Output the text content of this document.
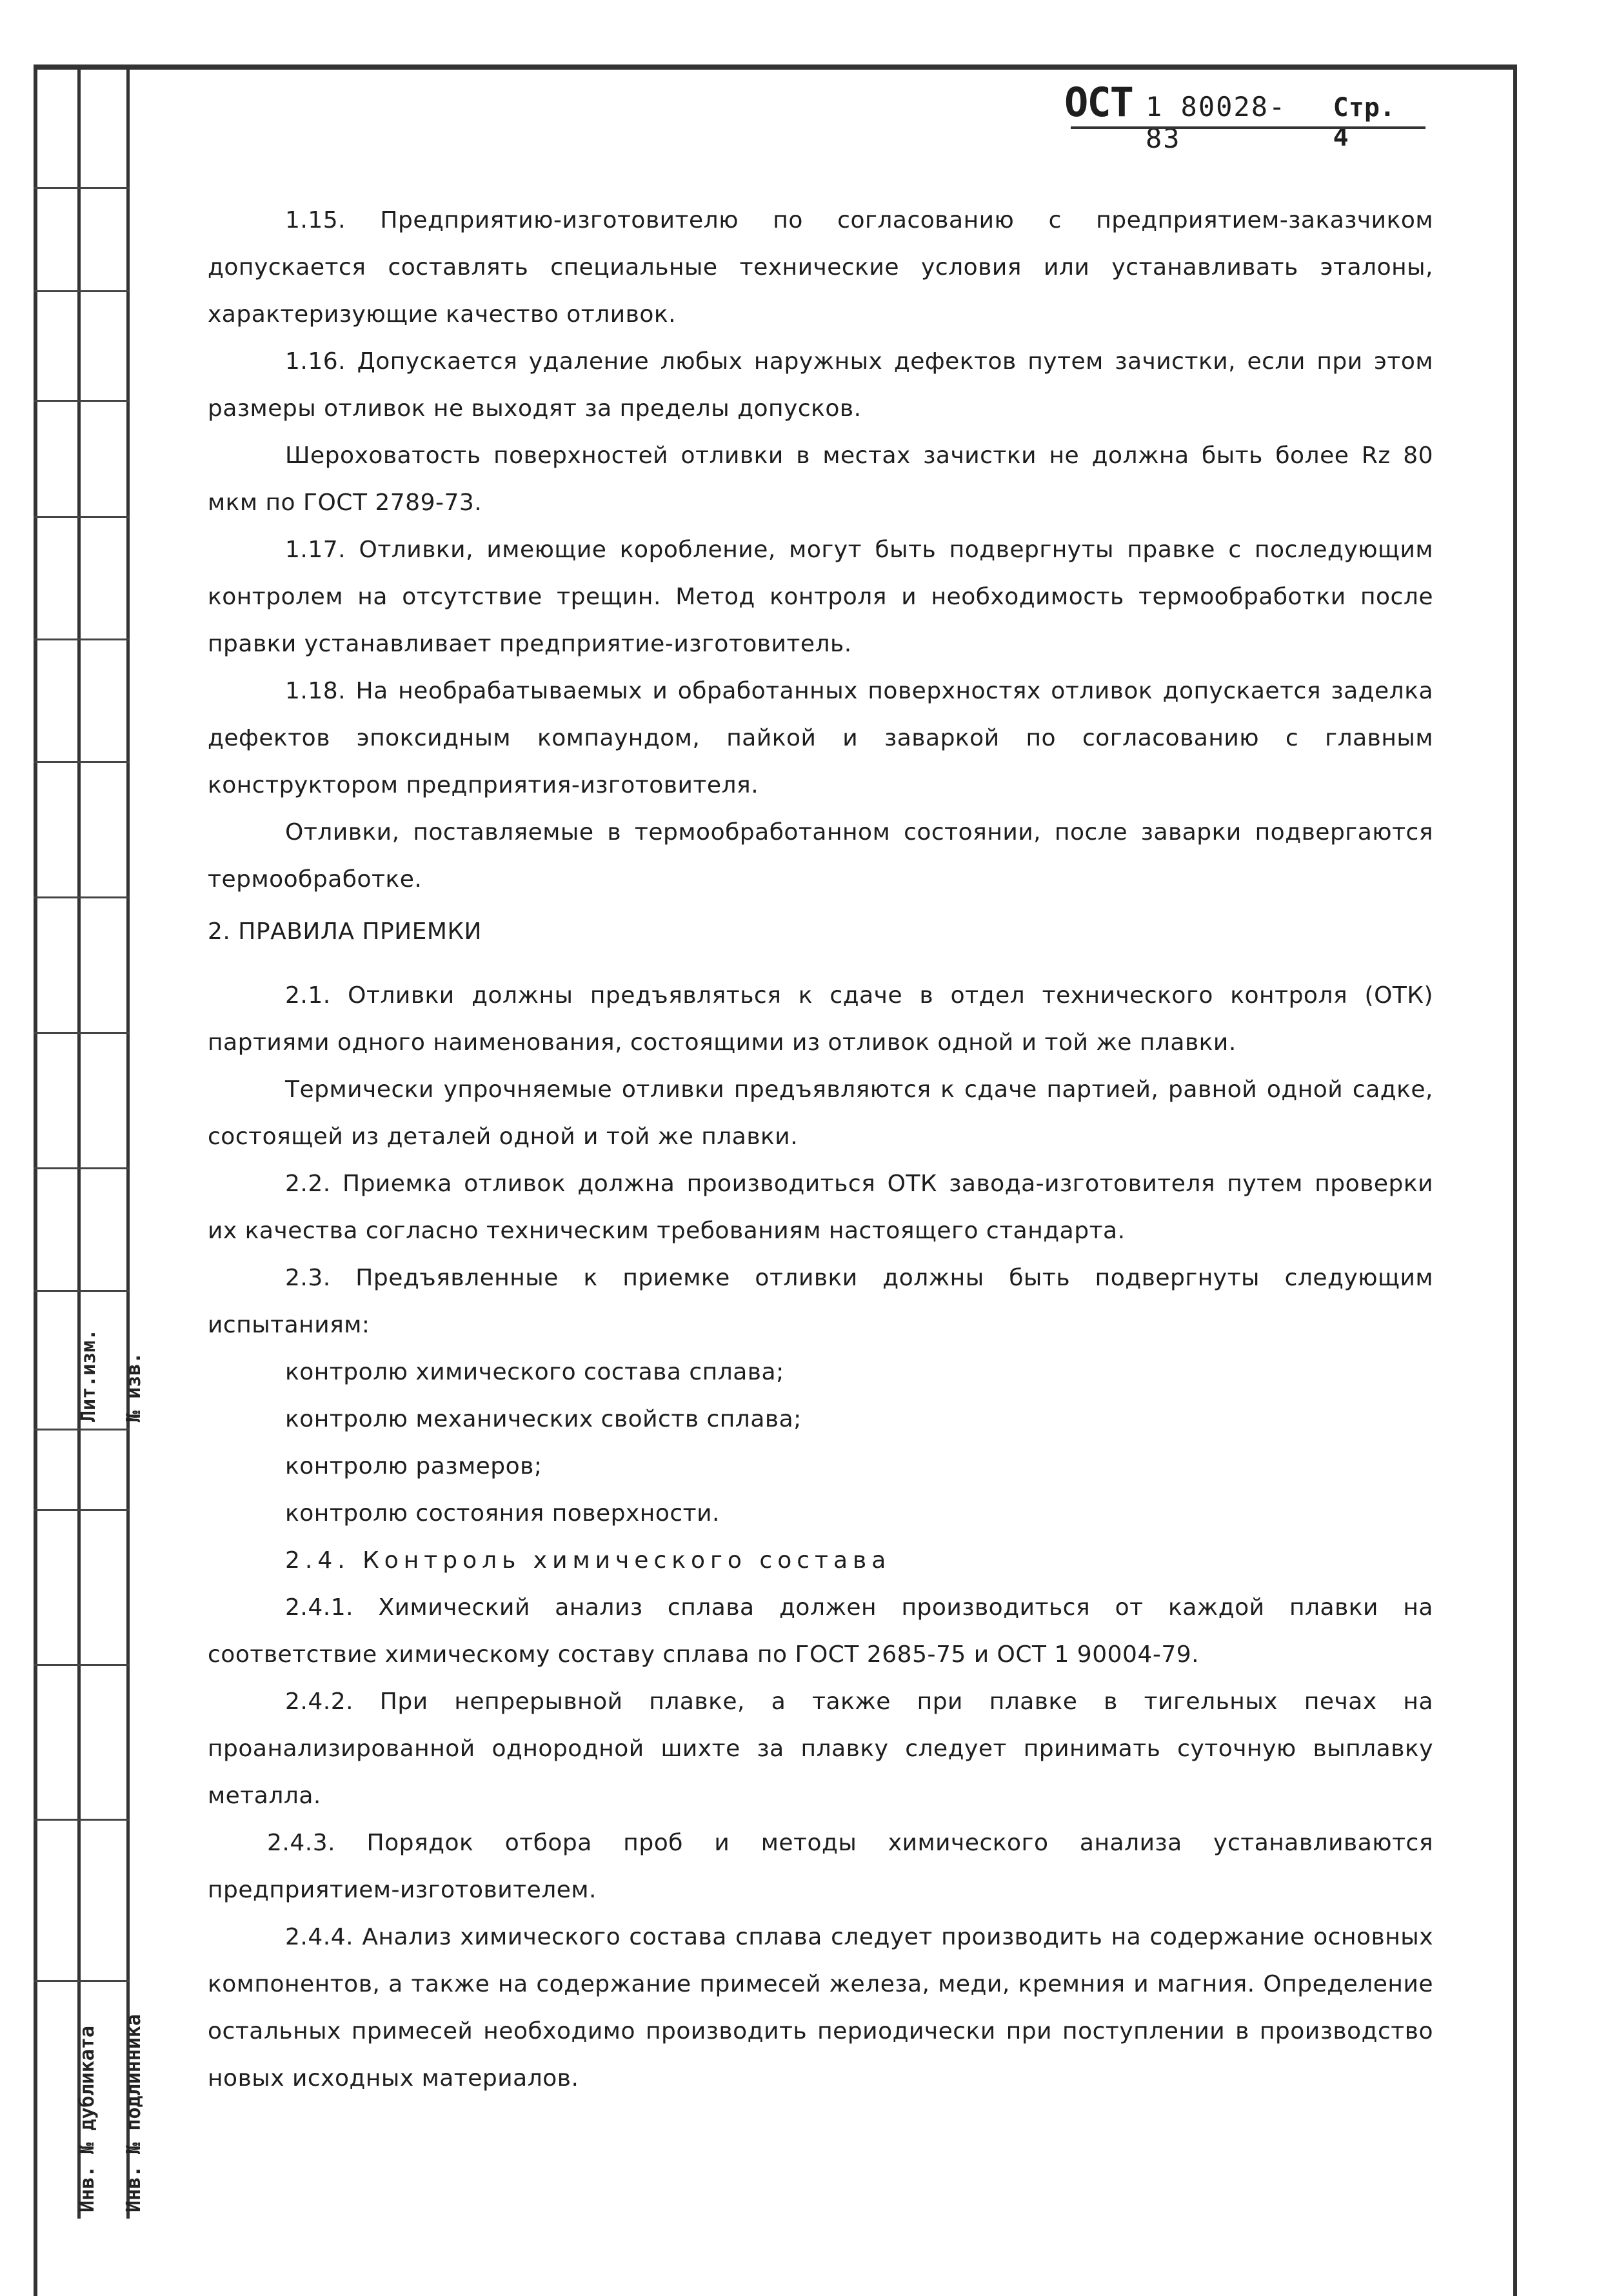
Лит.изм. № изв.
Инв. № дубликата Инв. № подлинника
ОСТ 1 80028-83
Стр. 4

1.15. Предприятию-изготовителю по согласованию с предприятием-заказчиком допускается составлять специальные технические условия или устанавливать эталоны, характеризующие качество отливок.

1.16. Допускается удаление любых наружных дефектов путем зачистки, если при этом размеры отливок не выходят за пределы допусков.

Шероховатость поверхностей отливки в местах зачистки не должна быть более Rz 80 мкм по ГОСТ 2789-73.

1.17. Отливки, имеющие коробление, могут быть подвергнуты правке с последующим контролем на отсутствие трещин. Метод контроля и необходимость термообработки после правки устанавливает предприятие-изготовитель.

1.18. На необрабатываемых и обработанных поверхностях отливок допускается заделка дефектов эпоксидным компаундом, пайкой и заваркой по согласованию с главным конструктором предприятия-изготовителя.

Отливки, поставляемые в термообработанном состоянии, после заварки подвергаются термообработке.

2. ПРАВИЛА ПРИЕМКИ

2.1. Отливки должны предъявляться к сдаче в отдел технического контроля (ОТК) партиями одного наименования, состоящими из отливок одной и той же плавки.

Термически упрочняемые отливки предъявляются к сдаче партией, равной одной садке, состоящей из деталей одной и той же плавки.

2.2. Приемка отливок должна производиться ОТК завода-изготовителя путем проверки их качества согласно техническим требованиям настоящего стандарта.

2.3. Предъявленные к приемке отливки должны быть подвергнуты следующим испытаниям:

контролю химического состава сплава;

контролю механических свойств сплава;

контролю размеров;

контролю состояния поверхности.

2.4. Контроль химического состава

2.4.1. Химический анализ сплава должен производиться от каждой плавки на соответствие химическому составу сплава по ГОСТ 2685-75 и ОСТ 1 90004-79.

2.4.2. При непрерывной плавке, а также при плавке в тигельных печах на проанализированной однородной шихте за плавку следует принимать суточную выплавку металла.

2.4.3. Порядок отбора проб и методы химического анализа устанавливаются предприятием-изготовителем.

2.4.4. Анализ химического состава сплава следует производить на содержание основных компонентов, а также на содержание примесей железа, меди, кремния и магния. Определение остальных примесей необходимо производить периодически при поступлении в производство новых исходных материалов.
